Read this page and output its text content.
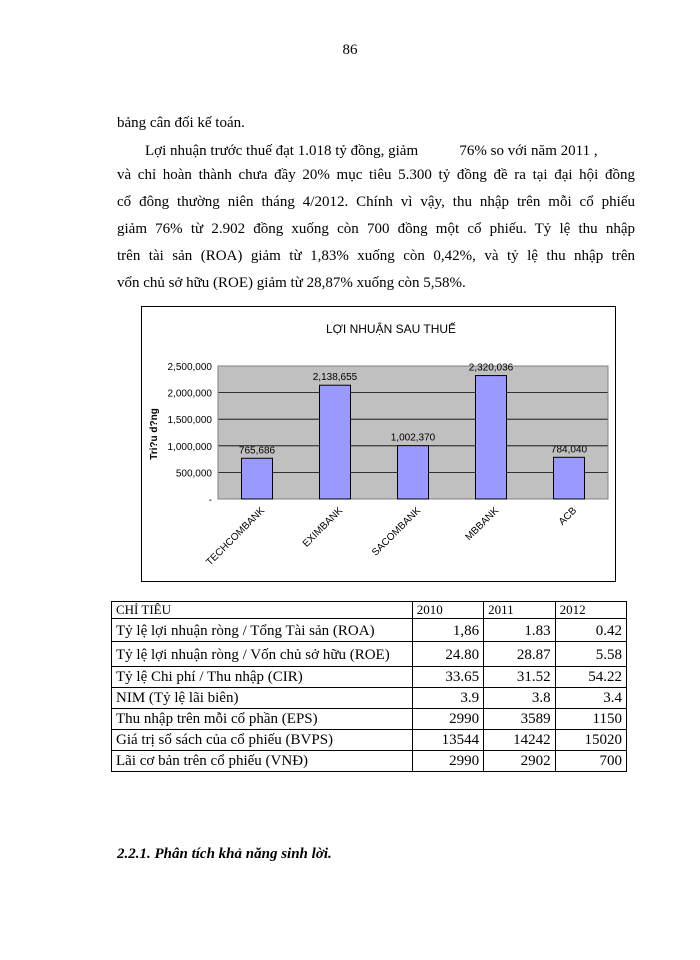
86
bảng cân đối kế toán.
Lợi nhuận trước thuế đạt 1.018 tỷ đồng, giảm           76% so với năm 2011 ,
và chỉ hoàn thành chưa đầy 20% mục tiêu 5.300 tỷ đồng đề ra tại đại hội đồng
cổ đông thường niên tháng 4/2012. Chính vì vậy, thu nhập trên mỗi cổ phiếu
giảm 76% từ 2.902 đồng xuống còn 700 đồng một cổ phiếu. Tỷ lệ thu nhập
trên tài sản (ROA) giảm từ 1,83% xuống còn 0,42%, và tỷ lệ thu nhập trên
vốn chủ sở hữu (ROE) giảm từ 28,87% xuống còn 5,58%.
LỢI NHUẬN SAU THUẾ
Tri?u d?ng
-
500,000
1,000,000
1,500,000
2,000,000
2,500,000
765,686
TECHCOMBANK
2,138,655
EXIMBANK
1,002,370
SACOMBANK
2,320,036
MBBANK
784,040
ACB
CHỈ TIÊU	2010	2011	2012
Tỷ lệ lợi nhuận ròng / Tổng Tài sản (ROA)	1,86	1.83	0.42
Tỷ lệ lợi nhuận ròng / Vốn chủ sở hữu (ROE)	24.80	28.87	5.58
Tỷ lệ Chi phí / Thu nhập (CIR)	33.65	31.52	54.22
NIM (Tỷ lệ lãi biên)	3.9	3.8	3.4
Thu nhập trên mỗi cổ phần (EPS)	2990	3589	1150
Giá trị sổ sách của cổ phiếu (BVPS)	13544	14242	15020
Lãi cơ bản trên cổ phiếu (VNĐ)	2990	2902	700
2.2.1. Phân tích khả năng sinh lời.
